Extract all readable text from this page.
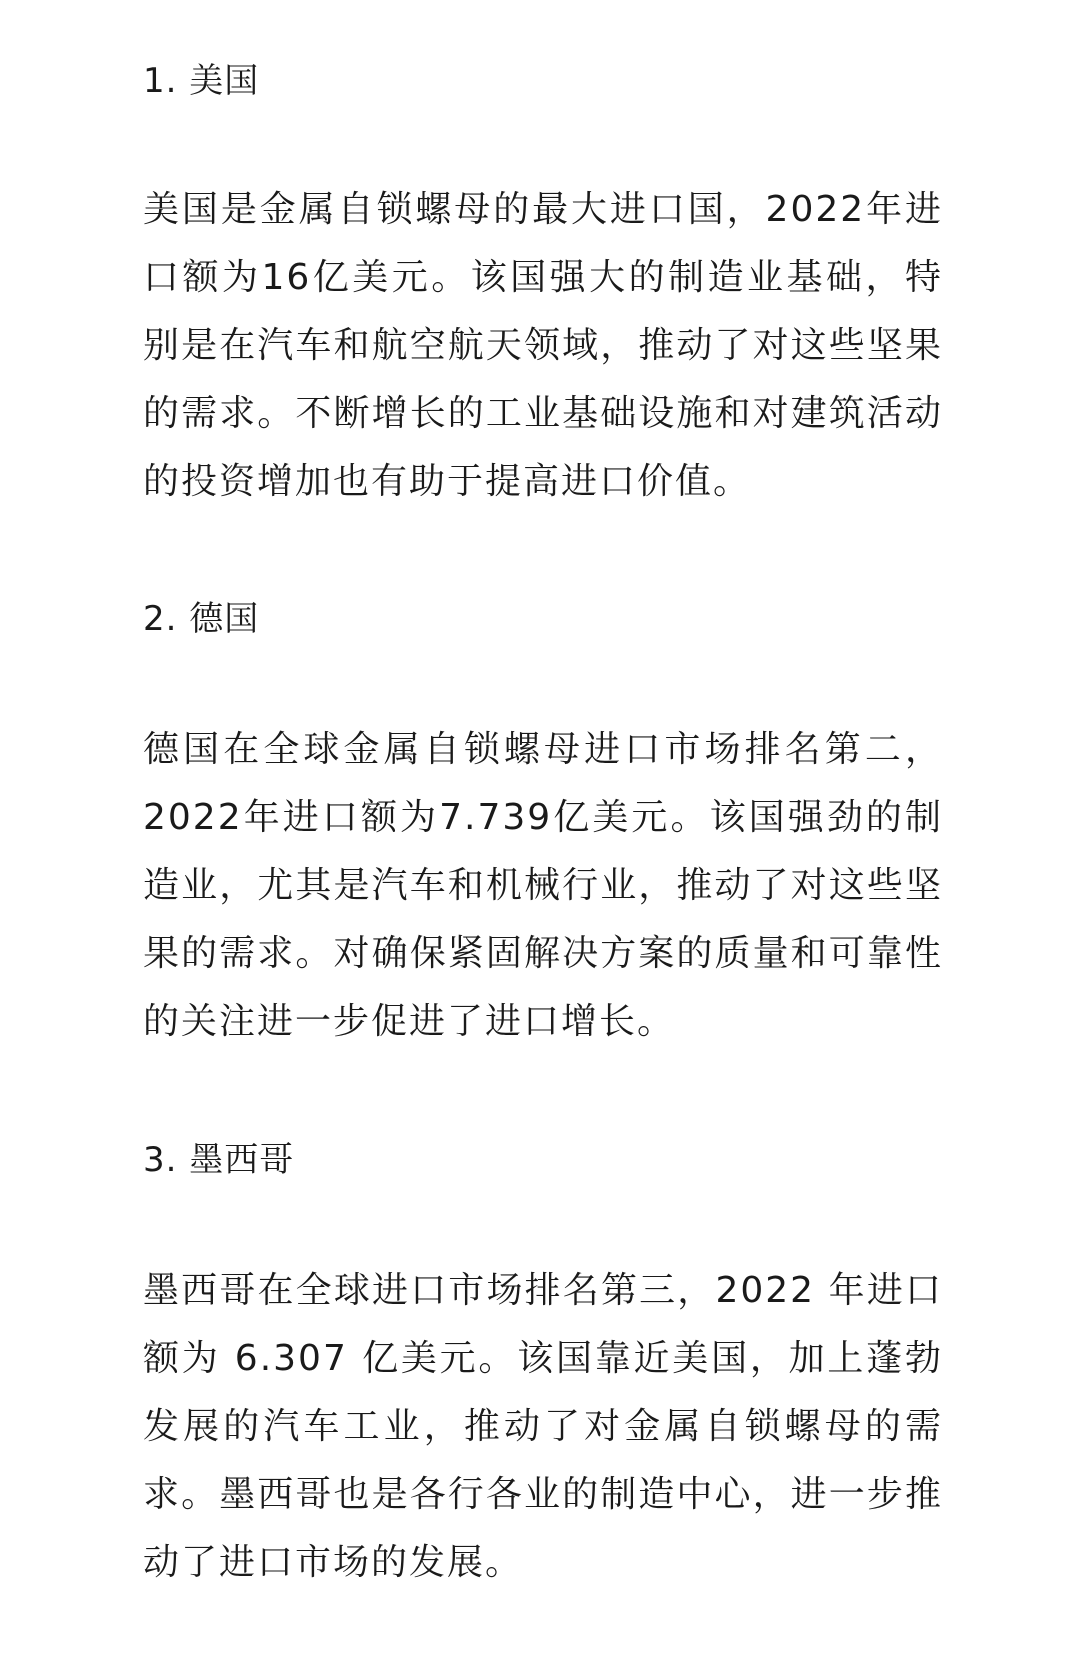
1. 美国

美国是金属自锁螺母的最大进口国，2022年进口额为16亿美元。该国强大的制造业基础，特别是在汽车和航空航天领域，推动了对这些坚果的需求。不断增长的工业基础设施和对建筑活动的投资增加也有助于提高进口价值。

2. 德国

德国在全球金属自锁螺母进口市场排名第二，2022年进口额为7.739亿美元。该国强劲的制造业，尤其是汽车和机械行业，推动了对这些坚果的需求。对确保紧固解决方案的质量和可靠性的关注进一步促进了进口增长。

3. 墨西哥

墨西哥在全球进口市场排名第三，2022 年进口额为 6.307 亿美元。该国靠近美国，加上蓬勃发展的汽车工业，推动了对金属自锁螺母的需求。墨西哥也是各行各业的制造中心，进一步推动了进口市场的发展。
